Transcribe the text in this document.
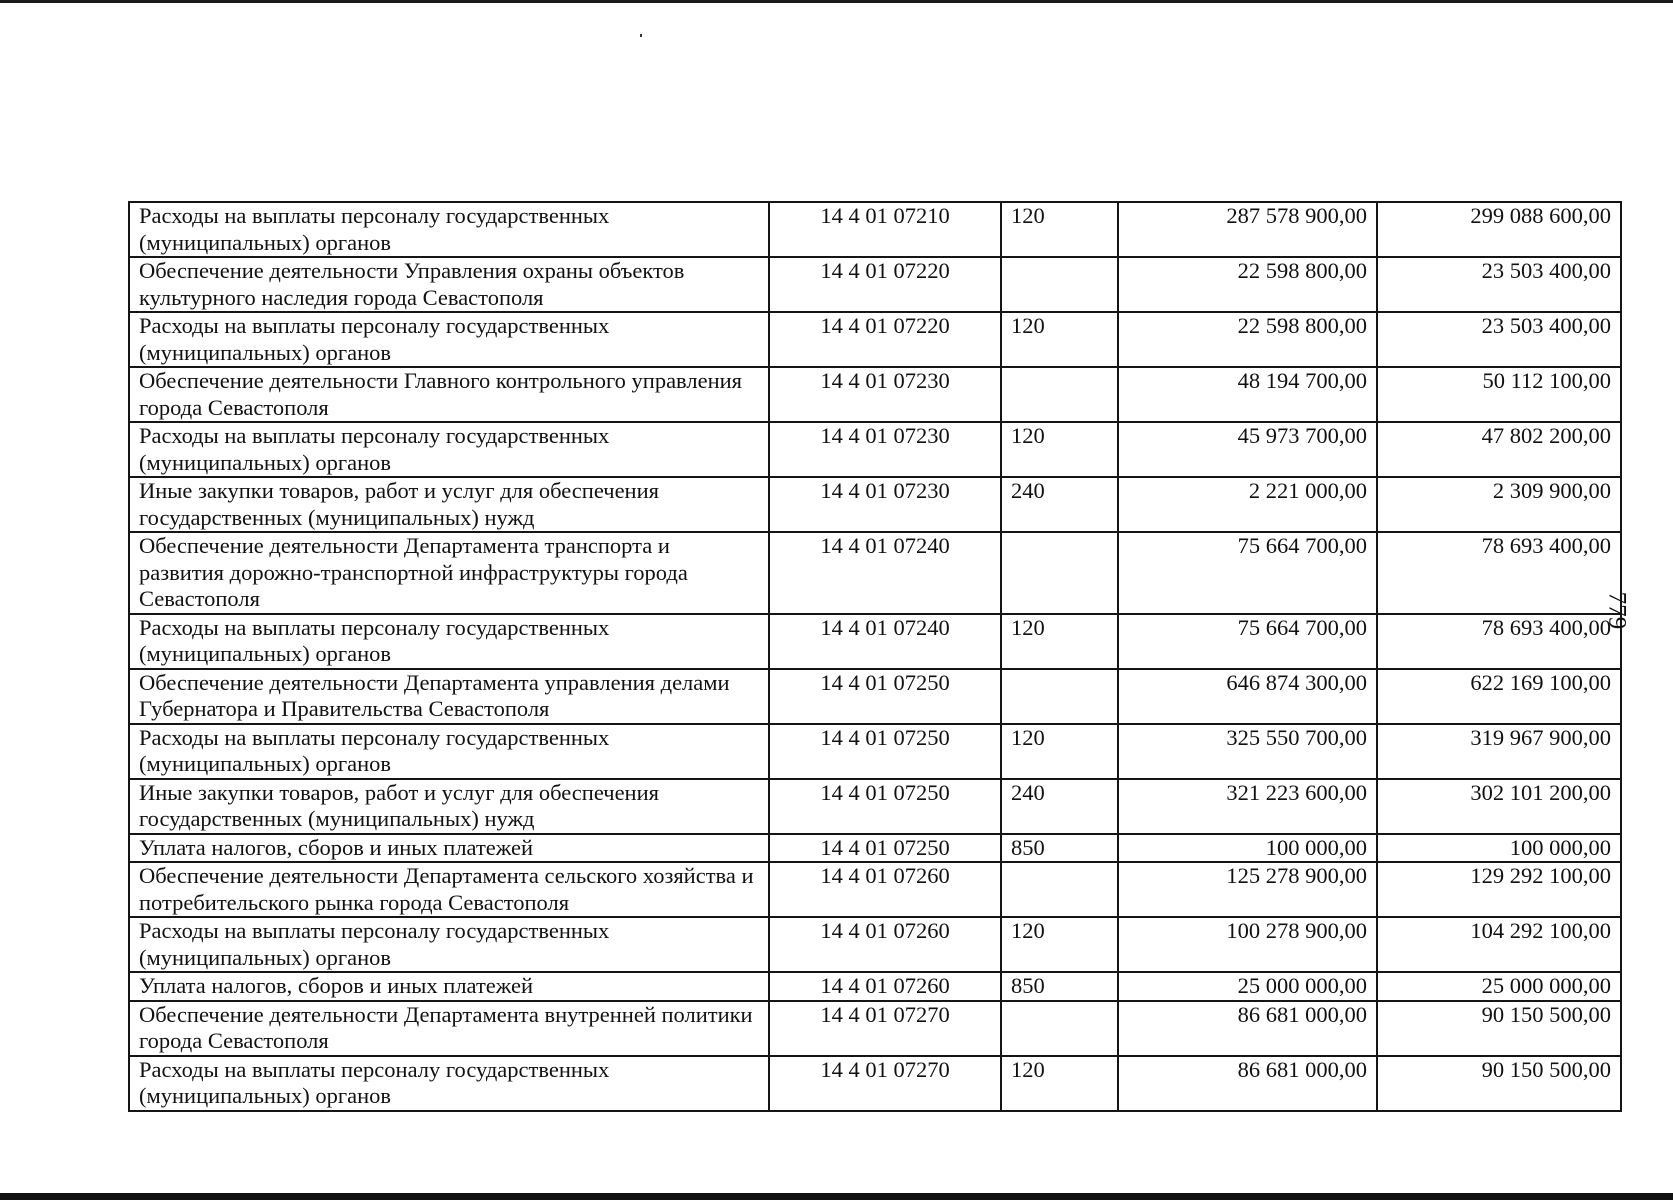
Расходы на выплаты персоналу государственных (муниципальных) органов	14 4 01 07210	120	287 578 900,00	299 088 600,00
Обеспечение деятельности Управления охраны объектов культурного наследия города Севастополя	14 4 01 07220		22 598 800,00	23 503 400,00
Расходы на выплаты персоналу государственных (муниципальных) органов	14 4 01 07220	120	22 598 800,00	23 503 400,00
Обеспечение деятельности Главного контрольного управления города Севастополя	14 4 01 07230		48 194 700,00	50 112 100,00
Расходы на выплаты персоналу государственных (муниципальных) органов	14 4 01 07230	120	45 973 700,00	47 802 200,00
Иные закупки товаров, работ и услуг для обеспечения государственных (муниципальных) нужд	14 4 01 07230	240	2 221 000,00	2 309 900,00
Обеспечение деятельности Департамента транспорта и развития дорожно-транспортной инфраструктуры города Севастополя	14 4 01 07240		75 664 700,00	78 693 400,00
Расходы на выплаты персоналу государственных (муниципальных) органов	14 4 01 07240	120	75 664 700,00	78 693 400,00
Обеспечение деятельности Департамента управления делами Губернатора и Правительства Севастополя	14 4 01 07250		646 874 300,00	622 169 100,00
Расходы на выплаты персоналу государственных (муниципальных) органов	14 4 01 07250	120	325 550 700,00	319 967 900,00
Иные закупки товаров, работ и услуг для обеспечения государственных (муниципальных) нужд	14 4 01 07250	240	321 223 600,00	302 101 200,00
Уплата налогов, сборов и иных платежей	14 4 01 07250	850	100 000,00	100 000,00
Обеспечение деятельности Департамента сельского хозяйства и потребительского рынка города Севастополя	14 4 01 07260		125 278 900,00	129 292 100,00
Расходы на выплаты персоналу государственных (муниципальных) органов	14 4 01 07260	120	100 278 900,00	104 292 100,00
Уплата налогов, сборов и иных платежей	14 4 01 07260	850	25 000 000,00	25 000 000,00
Обеспечение деятельности Департамента внутренней политики города Севастополя	14 4 01 07270		86 681 000,00	90 150 500,00
Расходы на выплаты персоналу государственных (муниципальных) органов	14 4 01 07270	120	86 681 000,00	90 150 500,00
779
